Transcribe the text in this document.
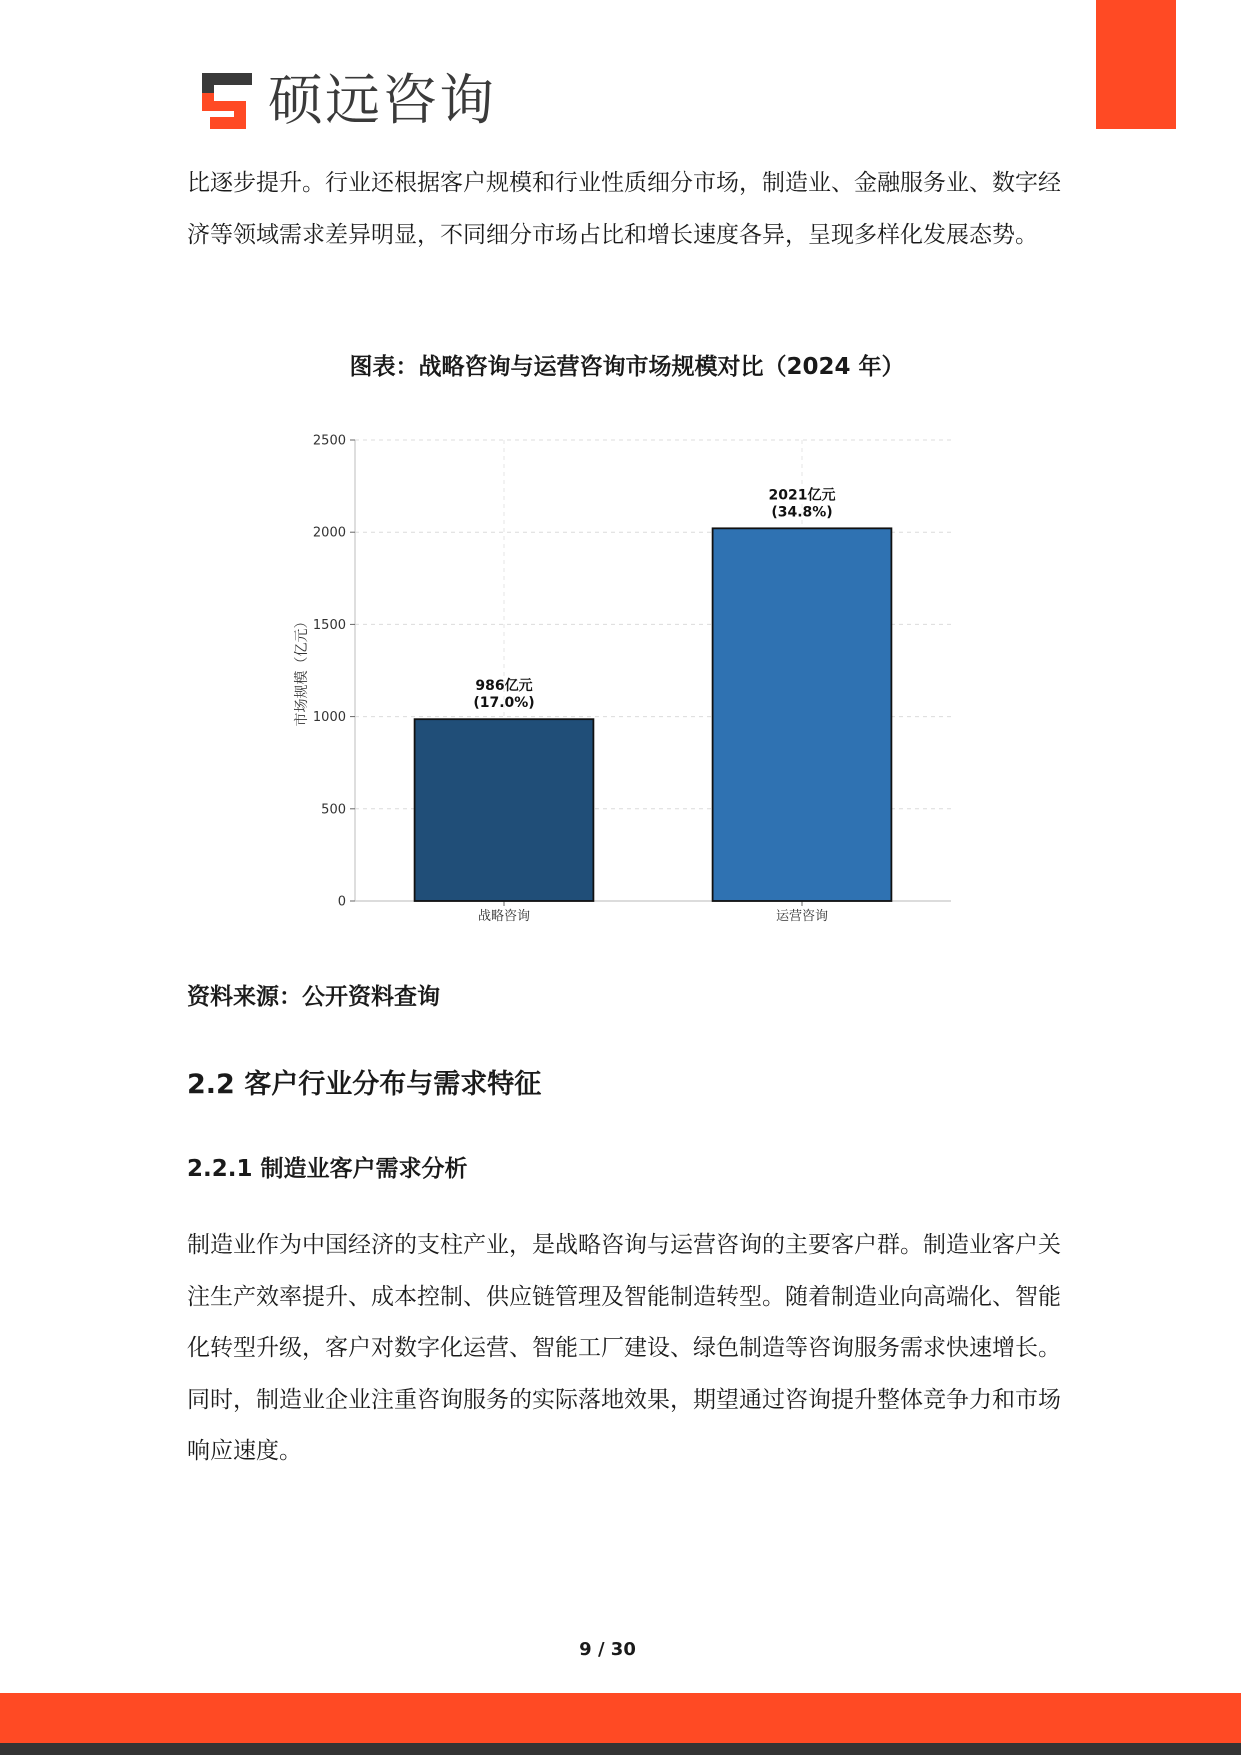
硕远咨询

比逐步提升。行业还根据客户规模和行业性质细分市场，制造业、金融服务业、数字经济等领域需求差异明显，不同细分市场占比和增长速度各异，呈现多样化发展态势。

图表：战略咨询与运营咨询市场规模对比（2024 年）

0
500
1000
1500
2000
2500
市场规模（亿元）
战略咨询
986亿元
(17.0%)
运营咨询
2021亿元
(34.8%)

资料来源：公开资料查询

2.2 客户行业分布与需求特征
2.2.1 制造业客户需求分析

制造业作为中国经济的支柱产业，是战略咨询与运营咨询的主要客户群。制造业客户关注生产效率提升、成本控制、供应链管理及智能制造转型。随着制造业向高端化、智能化转型升级，客户对数字化运营、智能工厂建设、绿色制造等咨询服务需求快速增长。同时，制造业企业注重咨询服务的实际落地效果，期望通过咨询提升整体竞争力和市场响应速度。

9 / 30
